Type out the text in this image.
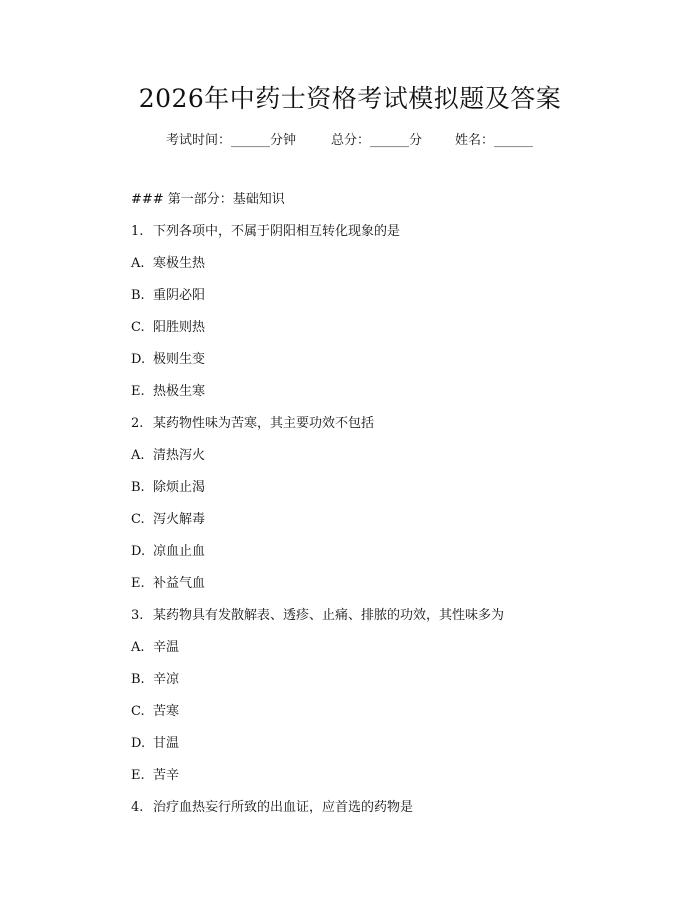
2026年中药士资格考试模拟题及答案
考试时间：______分钟	总分：______分	姓名：______
### 第一部分：基础知识
1. 下列各项中，不属于阴阳相互转化现象的是
A. 寒极生热
B. 重阴必阳
C. 阳胜则热
D. 极则生变
E. 热极生寒
2. 某药物性味为苦寒，其主要功效不包括
A. 清热泻火
B. 除烦止渴
C. 泻火解毒
D. 凉血止血
E. 补益气血
3. 某药物具有发散解表、透疹、止痛、排脓的功效，其性味多为
A. 辛温
B. 辛凉
C. 苦寒
D. 甘温
E. 苦辛
4. 治疗血热妄行所致的出血证，应首选的药物是
